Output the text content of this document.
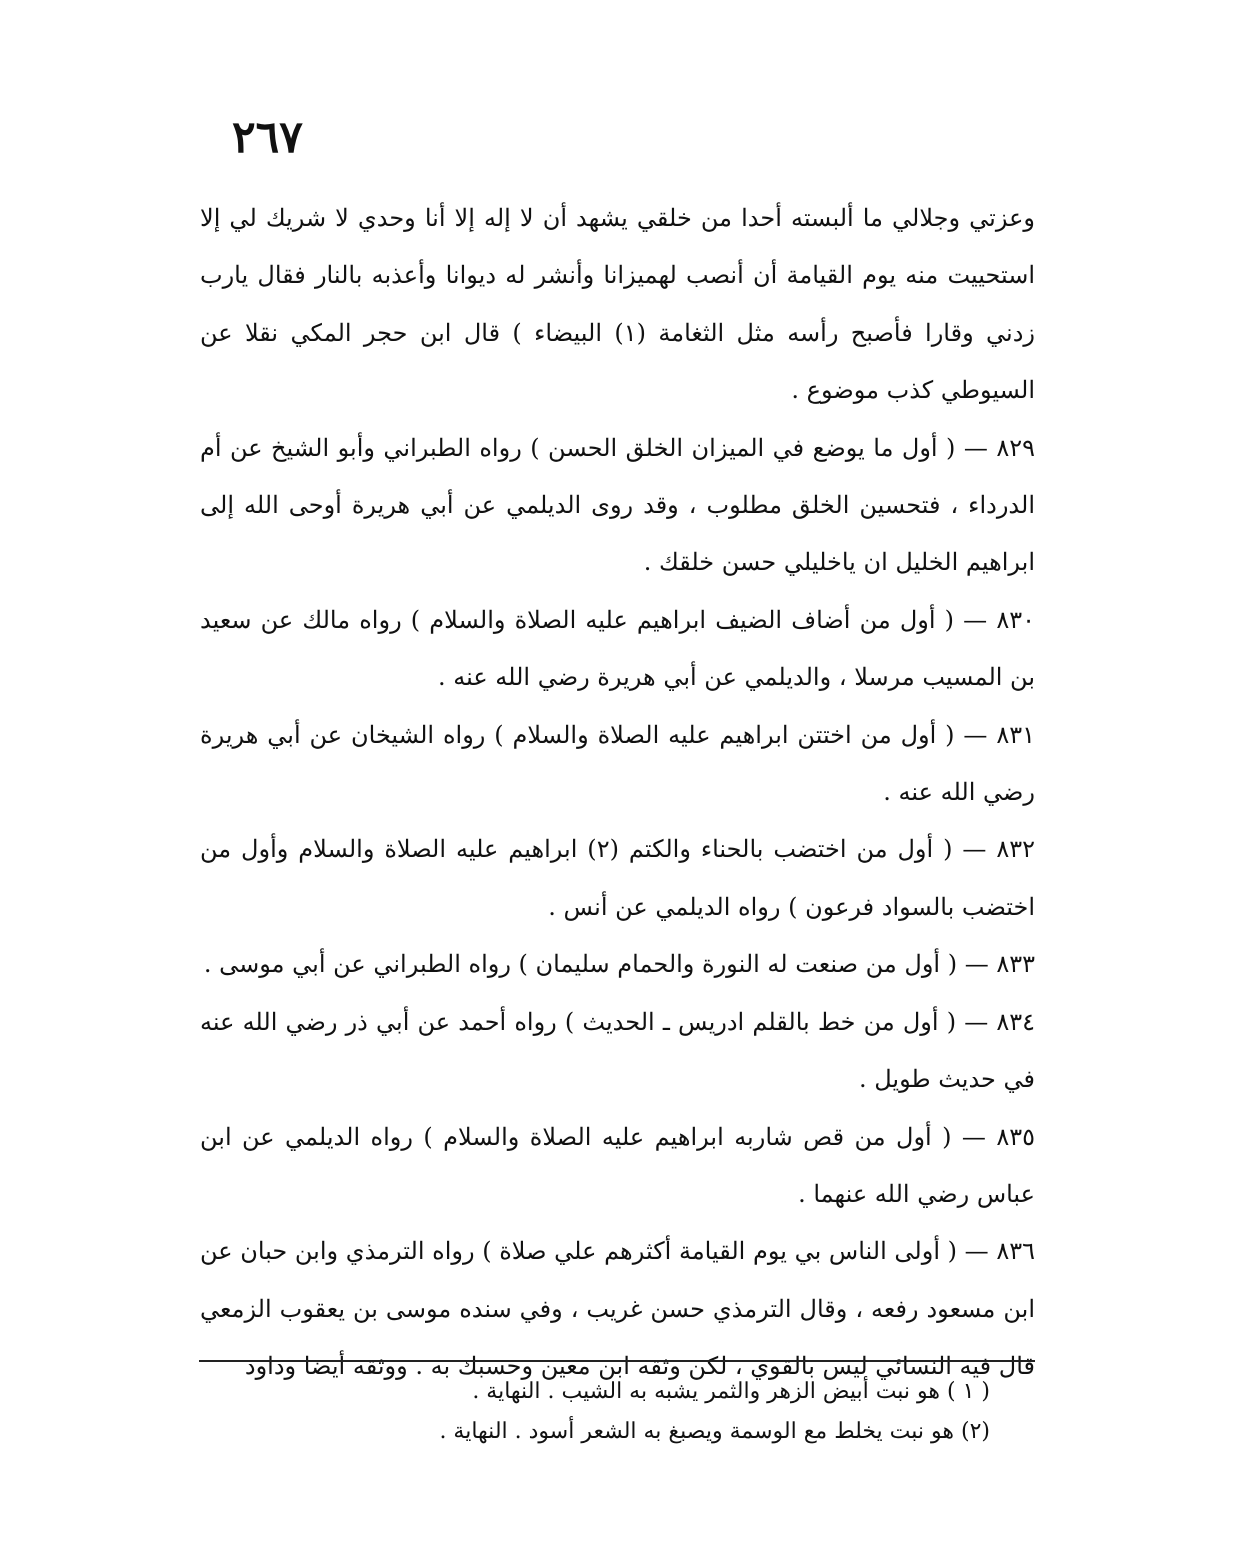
٢٦٧

وعزتي وجلالي ما ألبسته أحدا من خلقي يشهد أن لا إله إلا أنا وحدي لا شريك لي إلا استحييت منه يوم القيامة أن أنصب لهميزانا وأنشر له ديوانا وأعذبه بالنار فقال يارب زدني وقارا فأصبح رأسه مثل الثغامة (١) البيضاء ) قال ابن حجر المكي نقلا عن السيوطي كذب موضوع .

٨٢٩ — ( أول ما يوضع في الميزان الخلق الحسن ) رواه الطبراني وأبو الشيخ عن أم الدرداء ، فتحسين الخلق مطلوب ، وقد روى الديلمي عن أبي هريرة أوحى الله إلى ابراهيم الخليل ان ياخليلي حسن خلقك .

٨٣٠ — ( أول من أضاف الضيف ابراهيم عليه الصلاة والسلام ) رواه مالك عن سعيد بن المسيب مرسلا ، والديلمي عن أبي هريرة رضي الله عنه .

٨٣١ — ( أول من اختتن ابراهيم عليه الصلاة والسلام ) رواه الشيخان عن أبي هريرة رضي الله عنه .

٨٣٢ — ( أول من اختضب بالحناء والكتم (٢) ابراهيم عليه الصلاة والسلام وأول من اختضب بالسواد فرعون ) رواه الديلمي عن أنس .

٨٣٣ — ( أول من صنعت له النورة والحمام سليمان ) رواه الطبراني عن أبي موسى .

٨٣٤ — ( أول من خط بالقلم ادريس ـ الحديث ) رواه أحمد عن أبي ذر رضي الله عنه في حديث طويل .

٨٣٥ — ( أول من قص شاربه ابراهيم عليه الصلاة والسلام ) رواه الديلمي عن ابن عباس رضي الله عنهما .

٨٣٦ — ( أولى الناس بي يوم القيامة أكثرهم علي صلاة ) رواه الترمذي وابن حبان عن ابن مسعود رفعه ، وقال الترمذي حسن غريب ، وفي سنده موسى بن يعقوب الزمعي قال فيه النسائي ليس بالقوي ، لكن وثقه ابن معين وحسبك به . ووثقه أيضا وداود

( ١ ) هو نبت أبيض الزهر والثمر يشبه به الشيب . النهاية .

(٢) هو نبت يخلط مع الوسمة ويصبغ به الشعر أسود . النهاية .
